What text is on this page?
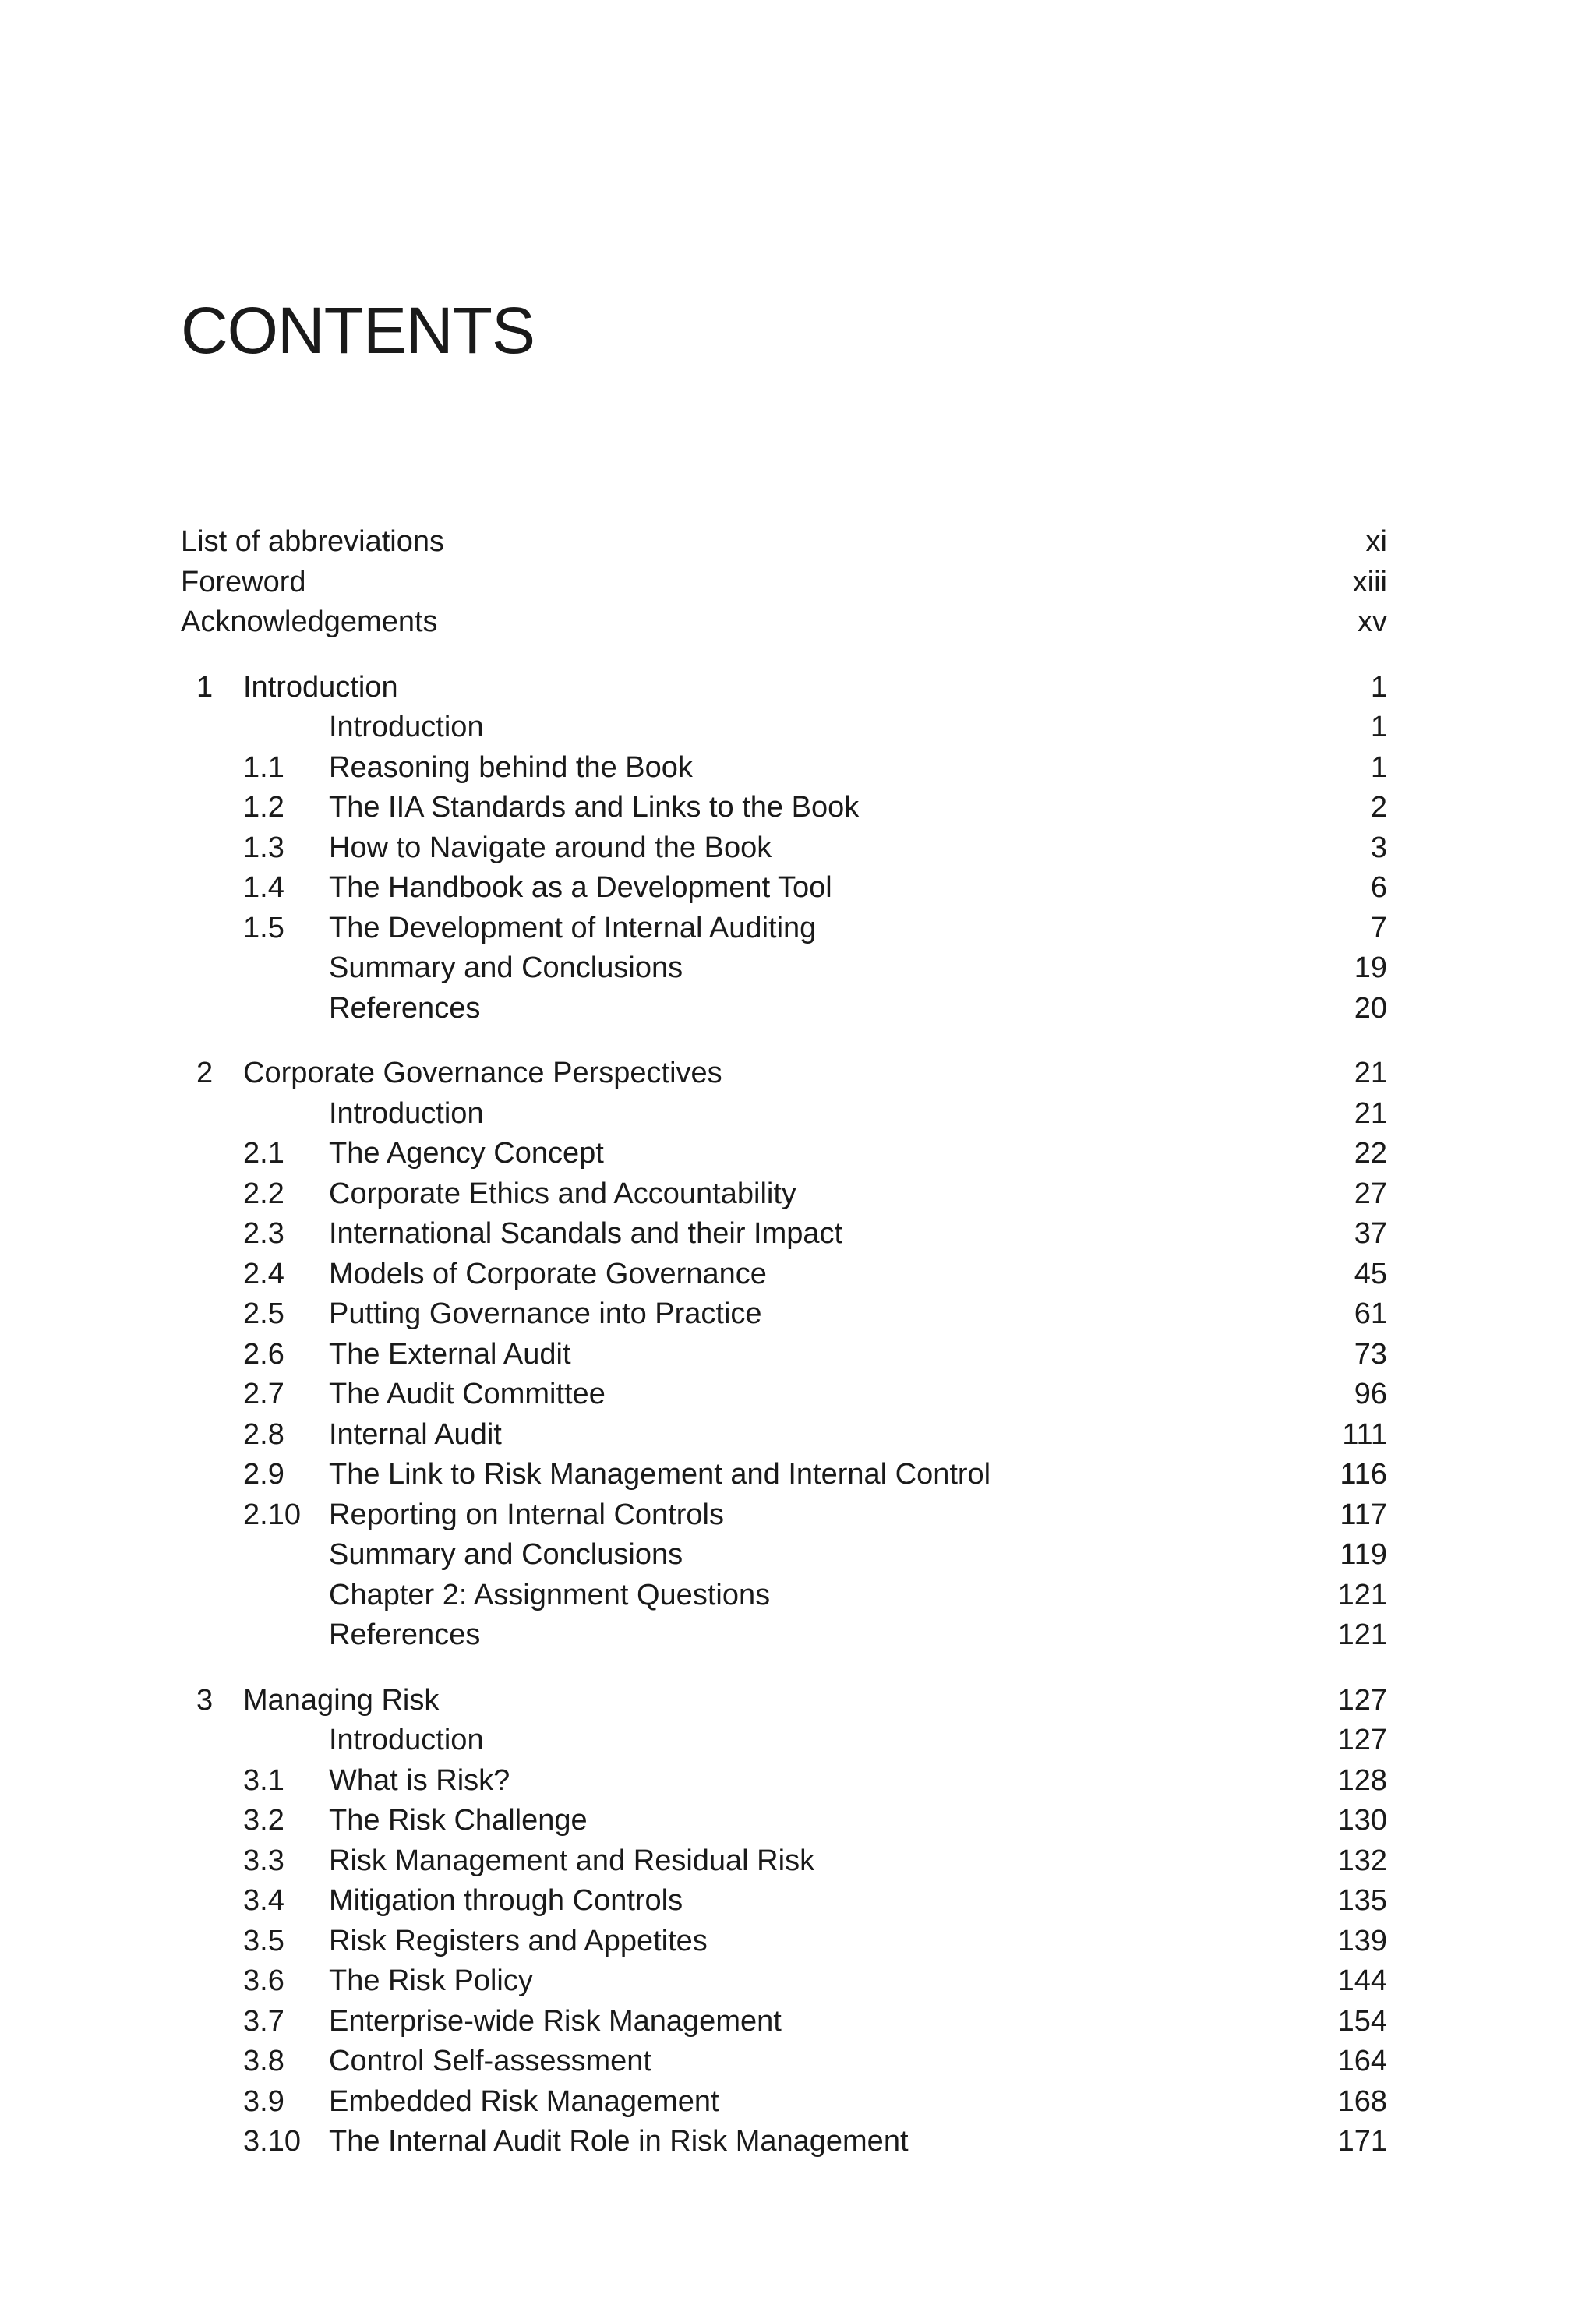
CONTENTS
List of abbreviations	xi
Foreword	xiii
Acknowledgements	xv
1 Introduction	1
Introduction	1
1.1 Reasoning behind the Book	1
1.2 The IIA Standards and Links to the Book	2
1.3 How to Navigate around the Book	3
1.4 The Handbook as a Development Tool	6
1.5 The Development of Internal Auditing	7
Summary and Conclusions	19
References	20
2 Corporate Governance Perspectives	21
Introduction	21
2.1 The Agency Concept	22
2.2 Corporate Ethics and Accountability	27
2.3 International Scandals and their Impact	37
2.4 Models of Corporate Governance	45
2.5 Putting Governance into Practice	61
2.6 The External Audit	73
2.7 The Audit Committee	96
2.8 Internal Audit	111
2.9 The Link to Risk Management and Internal Control	116
2.10 Reporting on Internal Controls	117
Summary and Conclusions	119
Chapter 2: Assignment Questions	121
References	121
3 Managing Risk	127
Introduction	127
3.1 What is Risk?	128
3.2 The Risk Challenge	130
3.3 Risk Management and Residual Risk	132
3.4 Mitigation through Controls	135
3.5 Risk Registers and Appetites	139
3.6 The Risk Policy	144
3.7 Enterprise-wide Risk Management	154
3.8 Control Self-assessment	164
3.9 Embedded Risk Management	168
3.10 The Internal Audit Role in Risk Management	171
